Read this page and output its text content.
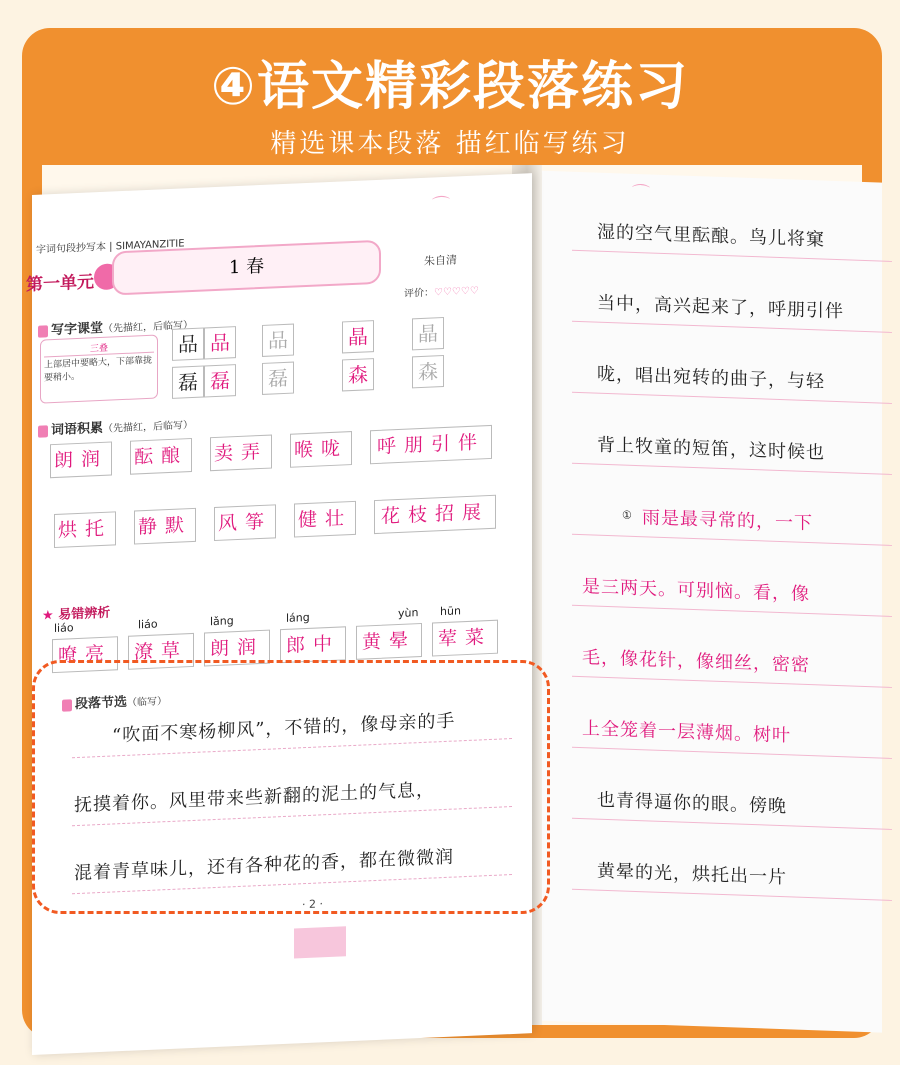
④语文精彩段落练习
精选课本段落 描红临写练习
⌒
湿的空气里酝酿。鸟儿将窠
当中，高兴起来了，呼朋引伴
咙，唱出宛转的曲子，与轻
背上牧童的短笛，这时候也
雨是最寻常的，一下
是三两天。可别恼。看，像
毛，像花针，像细丝，密密
上全笼着一层薄烟。树叶
也青得逼你的眼。傍晚
黄晕的光，烘托出一片
①
字词句段抄写本 | SIMAYANZITIE
⌒
第一单元
1 春	朱自清
评价：♡♡♡♡♡
写字课堂（先描红，后临写）
三叠
上部居中要略大，下部靠拢要稍小。
品 品	品	晶	晶
磊 磊	磊	森	森
词语积累（先描红，后临写）
朗润 酝酿 卖弄 喉咙	呼朋引伴
烘托 静默 风筝 健壮	花枝招展
★ 易错辨析
嘹亮	潦草	朗润	郎中	黄晕	荤菜
liáo	liáo	lǎng	láng	yùn hūn
段落节选（临写）
“吹面不寒杨柳风”，不错的，像母亲的手
抚摸着你。风里带来些新翻的泥土的气息，
混着青草味儿，还有各种花的香，都在微微润
· 2 ·
